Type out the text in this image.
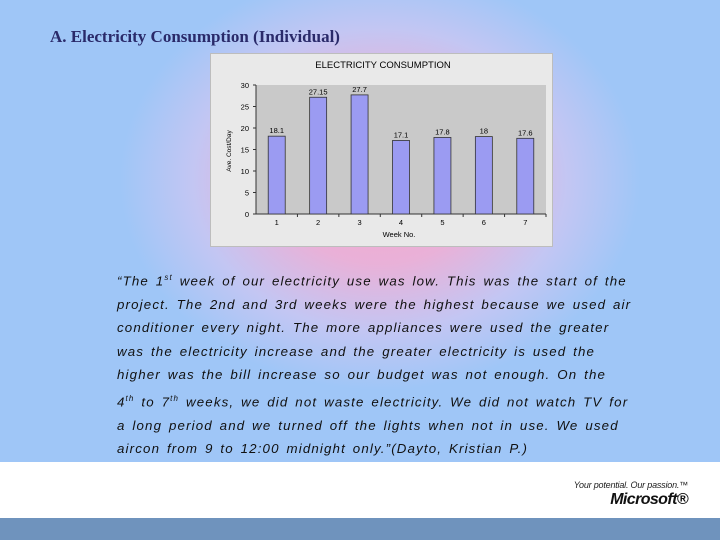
A. Electricity Consumption (Individual)
ELECTRICITY CONSUMPTION
Week No.
Ave. Cost/Day
0
5
10
15
20
25
30
18.1
1
27.15
2
27.7
3
17.1
4
17.8
5
18
6
17.6
7
“The 1st week of our electricity use was low. This was the start of the
project. The 2nd and 3rd weeks were the highest because we used air
conditioner every night. The more appliances were used the greater
was the electricity increase and the greater electricity is used the
higher was the bill increase so our budget was not enough. On the
4th to 7th weeks, we did not waste electricity. We did not watch TV for
a long period and we turned off the lights when not in use. We used
aircon from 9 to 12:00 midnight only.”(Dayto, Kristian P.)
Your potential. Our passion.™
Microsoft®
